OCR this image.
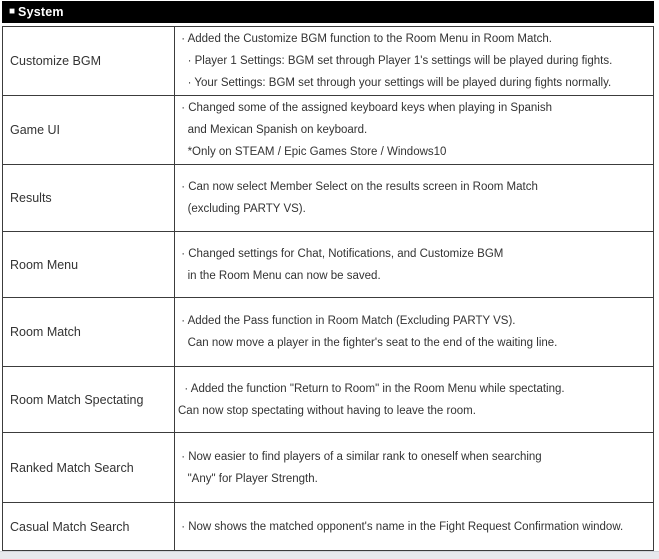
■ System
Customize BGM
· Added the Customize BGM function to the Room Menu in Room Match.
· Player 1 Settings: BGM set through Player 1's settings will be played during fights.
· Your Settings: BGM set through your settings will be played during fights normally.
Game UI
· Changed some of the assigned keyboard keys when playing in Spanish
and Mexican Spanish on keyboard.
*Only on STEAM / Epic Games Store / Windows10
Results
· Can now select Member Select on the results screen in Room Match
(excluding PARTY VS).
Room Menu
· Changed settings for Chat, Notifications, and Customize BGM
in the Room Menu can now be saved.
Room Match
· Added the Pass function in Room Match (Excluding PARTY VS).
Can now move a player in the fighter's seat to the end of the waiting line.
Room Match Spectating
· Added the function "Return to Room" in the Room Menu while spectating.
Can now stop spectating without having to leave the room.
Ranked Match Search
· Now easier to find players of a similar rank to oneself when searching
"Any" for Player Strength.
Casual Match Search	· Now shows the matched opponent's name in the Fight Request Confirmation window.
